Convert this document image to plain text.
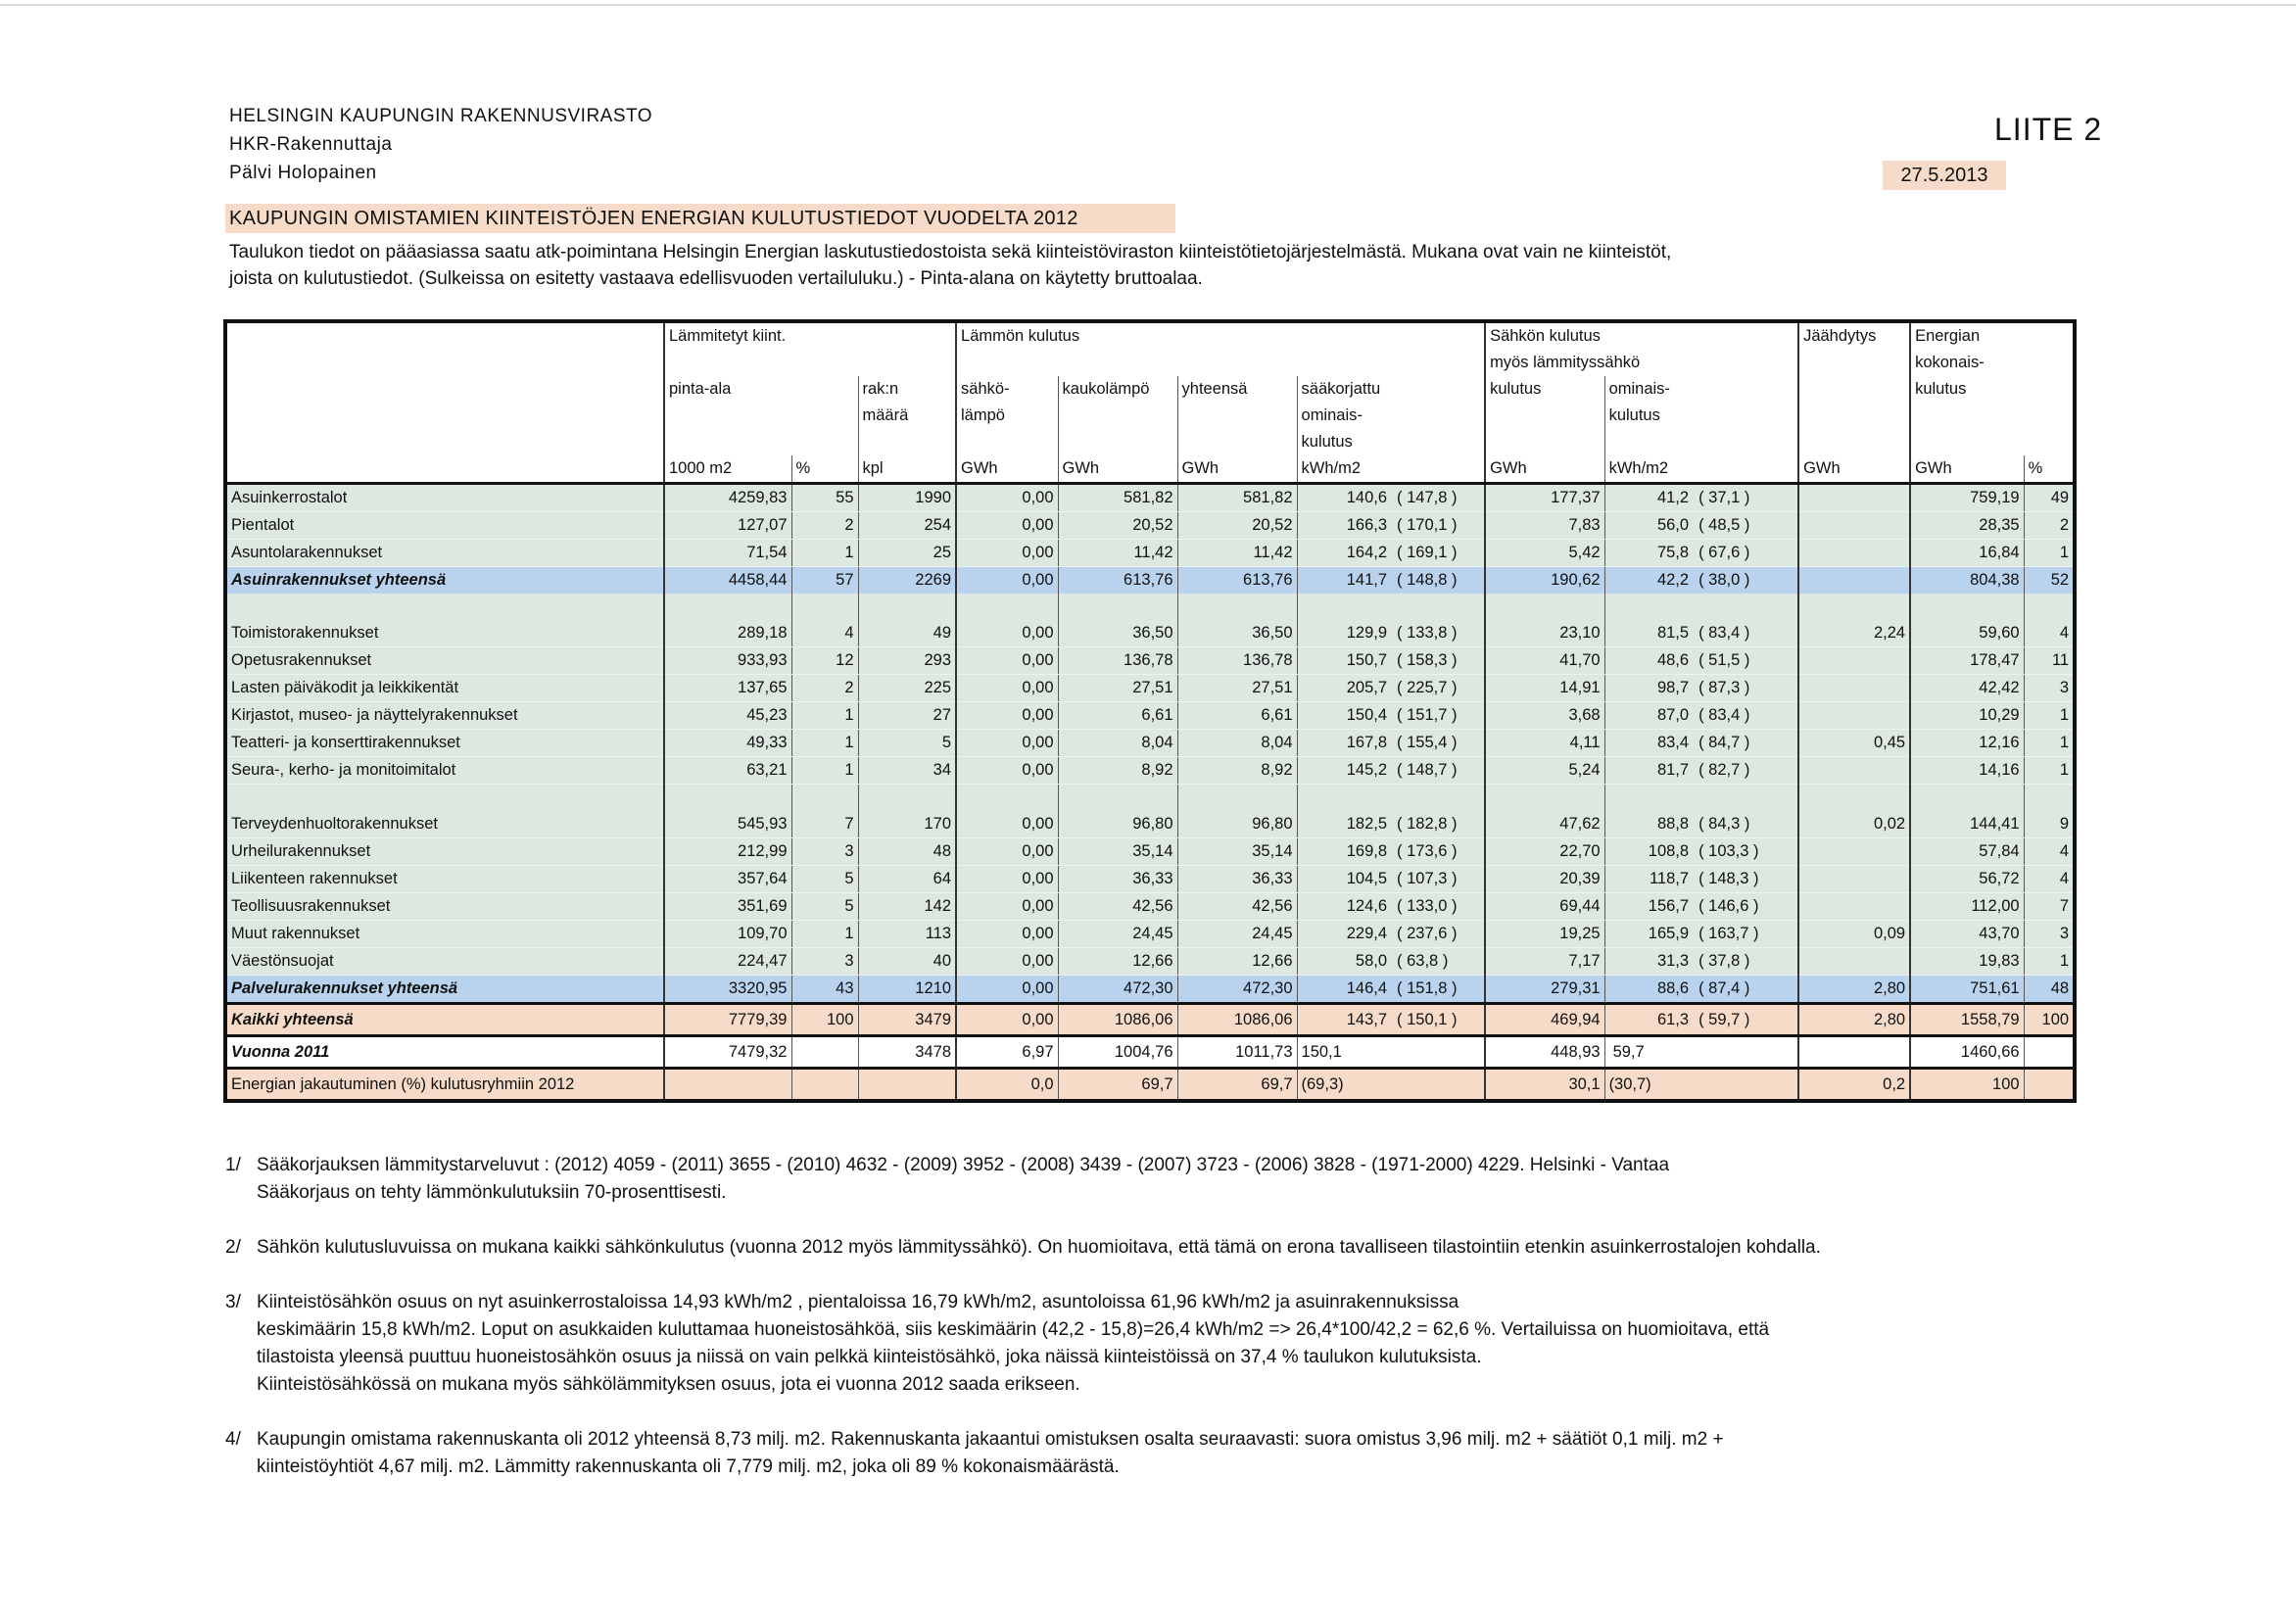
HELSINGIN KAUPUNGIN RAKENNUSVIRASTO
HKR-Rakennuttaja
Pälvi Holopainen
LIITE 2
27.5.2013
KAUPUNGIN OMISTAMIEN KIINTEISTÖJEN ENERGIAN KULUTUSTIEDOT VUODELTA 2012
Taulukon tiedot on pääasiassa saatu atk-poimintana Helsingin Energian laskutustiedostoista sekä kiinteistöviraston kiinteistötietojärjestelmästä. Mukana ovat vain ne kiinteistöt,
joista on kulutustiedot. (Sulkeissa on esitetty vastaava edellisvuoden vertailuluku.) - Pinta-alana on käytetty bruttoalaa.
	Lämmitetyt kiint.			Lämmön kulutus					Sähkön kulutus			Jäähdytys	Energian	
									myös lämmityssähkö				kokonais-	
	pinta-ala		rak:n	sähkö-	kaukolämpö	yhteensä	sääkorjattu		kulutus	ominais-			kulutus	
			määrä	lämpö			ominais-			kulutus				
							kulutus							
	1000 m2	%	kpl	GWh	GWh	GWh	kWh/m2		GWh	kWh/m2		GWh	GWh	%
Asuinkerrostalot	4259,83	55	1990	0,00	581,82	581,82	140,6	( 147,8 )	177,37	41,2	( 37,1 )		759,19	49
Pientalot	127,07	2	254	0,00	20,52	20,52	166,3	( 170,1 )	7,83	56,0	( 48,5 )		28,35	2
Asuntolarakennukset	71,54	1	25	0,00	11,42	11,42	164,2	( 169,1 )	5,42	75,8	( 67,6 )		16,84	1
Asuinrakennukset yhteensä	4458,44	57	2269	0,00	613,76	613,76	141,7	( 148,8 )	190,62	42,2	( 38,0 )		804,38	52

Toimistorakennukset	289,18	4	49	0,00	36,50	36,50	129,9	( 133,8 )	23,10	81,5	( 83,4 )	2,24	59,60	4
Opetusrakennukset	933,93	12	293	0,00	136,78	136,78	150,7	( 158,3 )	41,70	48,6	( 51,5 )		178,47	11
Lasten päiväkodit ja leikkikentät	137,65	2	225	0,00	27,51	27,51	205,7	( 225,7 )	14,91	98,7	( 87,3 )		42,42	3
Kirjastot, museo- ja näyttelyrakennukset	45,23	1	27	0,00	6,61	6,61	150,4	( 151,7 )	3,68	87,0	( 83,4 )		10,29	1
Teatteri- ja konserttirakennukset	49,33	1	5	0,00	8,04	8,04	167,8	( 155,4 )	4,11	83,4	( 84,7 )	0,45	12,16	1
Seura-, kerho- ja monitoimitalot	63,21	1	34	0,00	8,92	8,92	145,2	( 148,7 )	5,24	81,7	( 82,7 )		14,16	1

Terveydenhuoltorakennukset	545,93	7	170	0,00	96,80	96,80	182,5	( 182,8 )	47,62	88,8	( 84,3 )	0,02	144,41	9
Urheilurakennukset	212,99	3	48	0,00	35,14	35,14	169,8	( 173,6 )	22,70	108,8	( 103,3 )		57,84	4
Liikenteen rakennukset	357,64	5	64	0,00	36,33	36,33	104,5	( 107,3 )	20,39	118,7	( 148,3 )		56,72	4
Teollisuusrakennukset	351,69	5	142	0,00	42,56	42,56	124,6	( 133,0 )	69,44	156,7	( 146,6 )		112,00	7
Muut rakennukset	109,70	1	113	0,00	24,45	24,45	229,4	( 237,6 )	19,25	165,9	( 163,7 )	0,09	43,70	3
Väestönsuojat	224,47	3	40	0,00	12,66	12,66	58,0	( 63,8 )	7,17	31,3	( 37,8 )		19,83	1
Palvelurakennukset yhteensä	3320,95	43	1210	0,00	472,30	472,30	146,4	( 151,8 )	279,31	88,6	( 87,4 )	2,80	751,61	48
Kaikki yhteensä	7779,39	100	3479	0,00	1086,06	1086,06	143,7	( 150,1 )	469,94	61,3	( 59,7 )	2,80	1558,79	100
Vuonna 2011	7479,32		3478	6,97	1004,76	1011,73	150,1		448,93	59,7			1460,66	
Energian jakautuminen (%) kulutusryhmiin 2012				0,0	69,7	69,7	(69,3)		30,1	(30,7)		0,2	100	
1/ Sääkorjauksen lämmitystarveluvut : (2012) 4059 - (2011) 3655 - (2010) 4632 - (2009) 3952 - (2008) 3439 - (2007) 3723 - (2006) 3828 - (1971-2000) 4229. Helsinki - Vantaa
Sääkorjaus on tehty lämmönkulutuksiin 70-prosenttisesti.
2/ Sähkön kulutusluvuissa on mukana kaikki sähkönkulutus (vuonna 2012 myös lämmityssähkö). On huomioitava, että tämä on erona tavalliseen tilastointiin etenkin asuinkerrostalojen kohdalla.
3/ Kiinteistösähkön osuus on nyt asuinkerrostaloissa 14,93 kWh/m2 , pientaloissa 16,79 kWh/m2, asuntoloissa 61,96 kWh/m2 ja asuinrakennuksissa
keskimäärin 15,8 kWh/m2. Loput on asukkaiden kuluttamaa huoneistosähköä, siis keskimäärin (42,2 - 15,8)=26,4 kWh/m2 => 26,4*100/42,2 = 62,6 %. Vertailuissa on huomioitava, että
tilastoista yleensä puuttuu huoneistosähkön osuus ja niissä on vain pelkkä kiinteistösähkö, joka näissä kiinteistöissä on 37,4 % taulukon kulutuksista.
Kiinteistösähkössä on mukana myös sähkölämmityksen osuus, jota ei vuonna 2012 saada erikseen.
4/ Kaupungin omistama rakennuskanta oli 2012 yhteensä 8,73 milj. m2. Rakennuskanta jakaantui omistuksen osalta seuraavasti: suora omistus 3,96 milj. m2 + säätiöt 0,1 milj. m2 +
kiinteistöyhtiöt 4,67 milj. m2. Lämmitty rakennuskanta oli 7,779 milj. m2, joka oli 89 % kokonaismäärästä.
